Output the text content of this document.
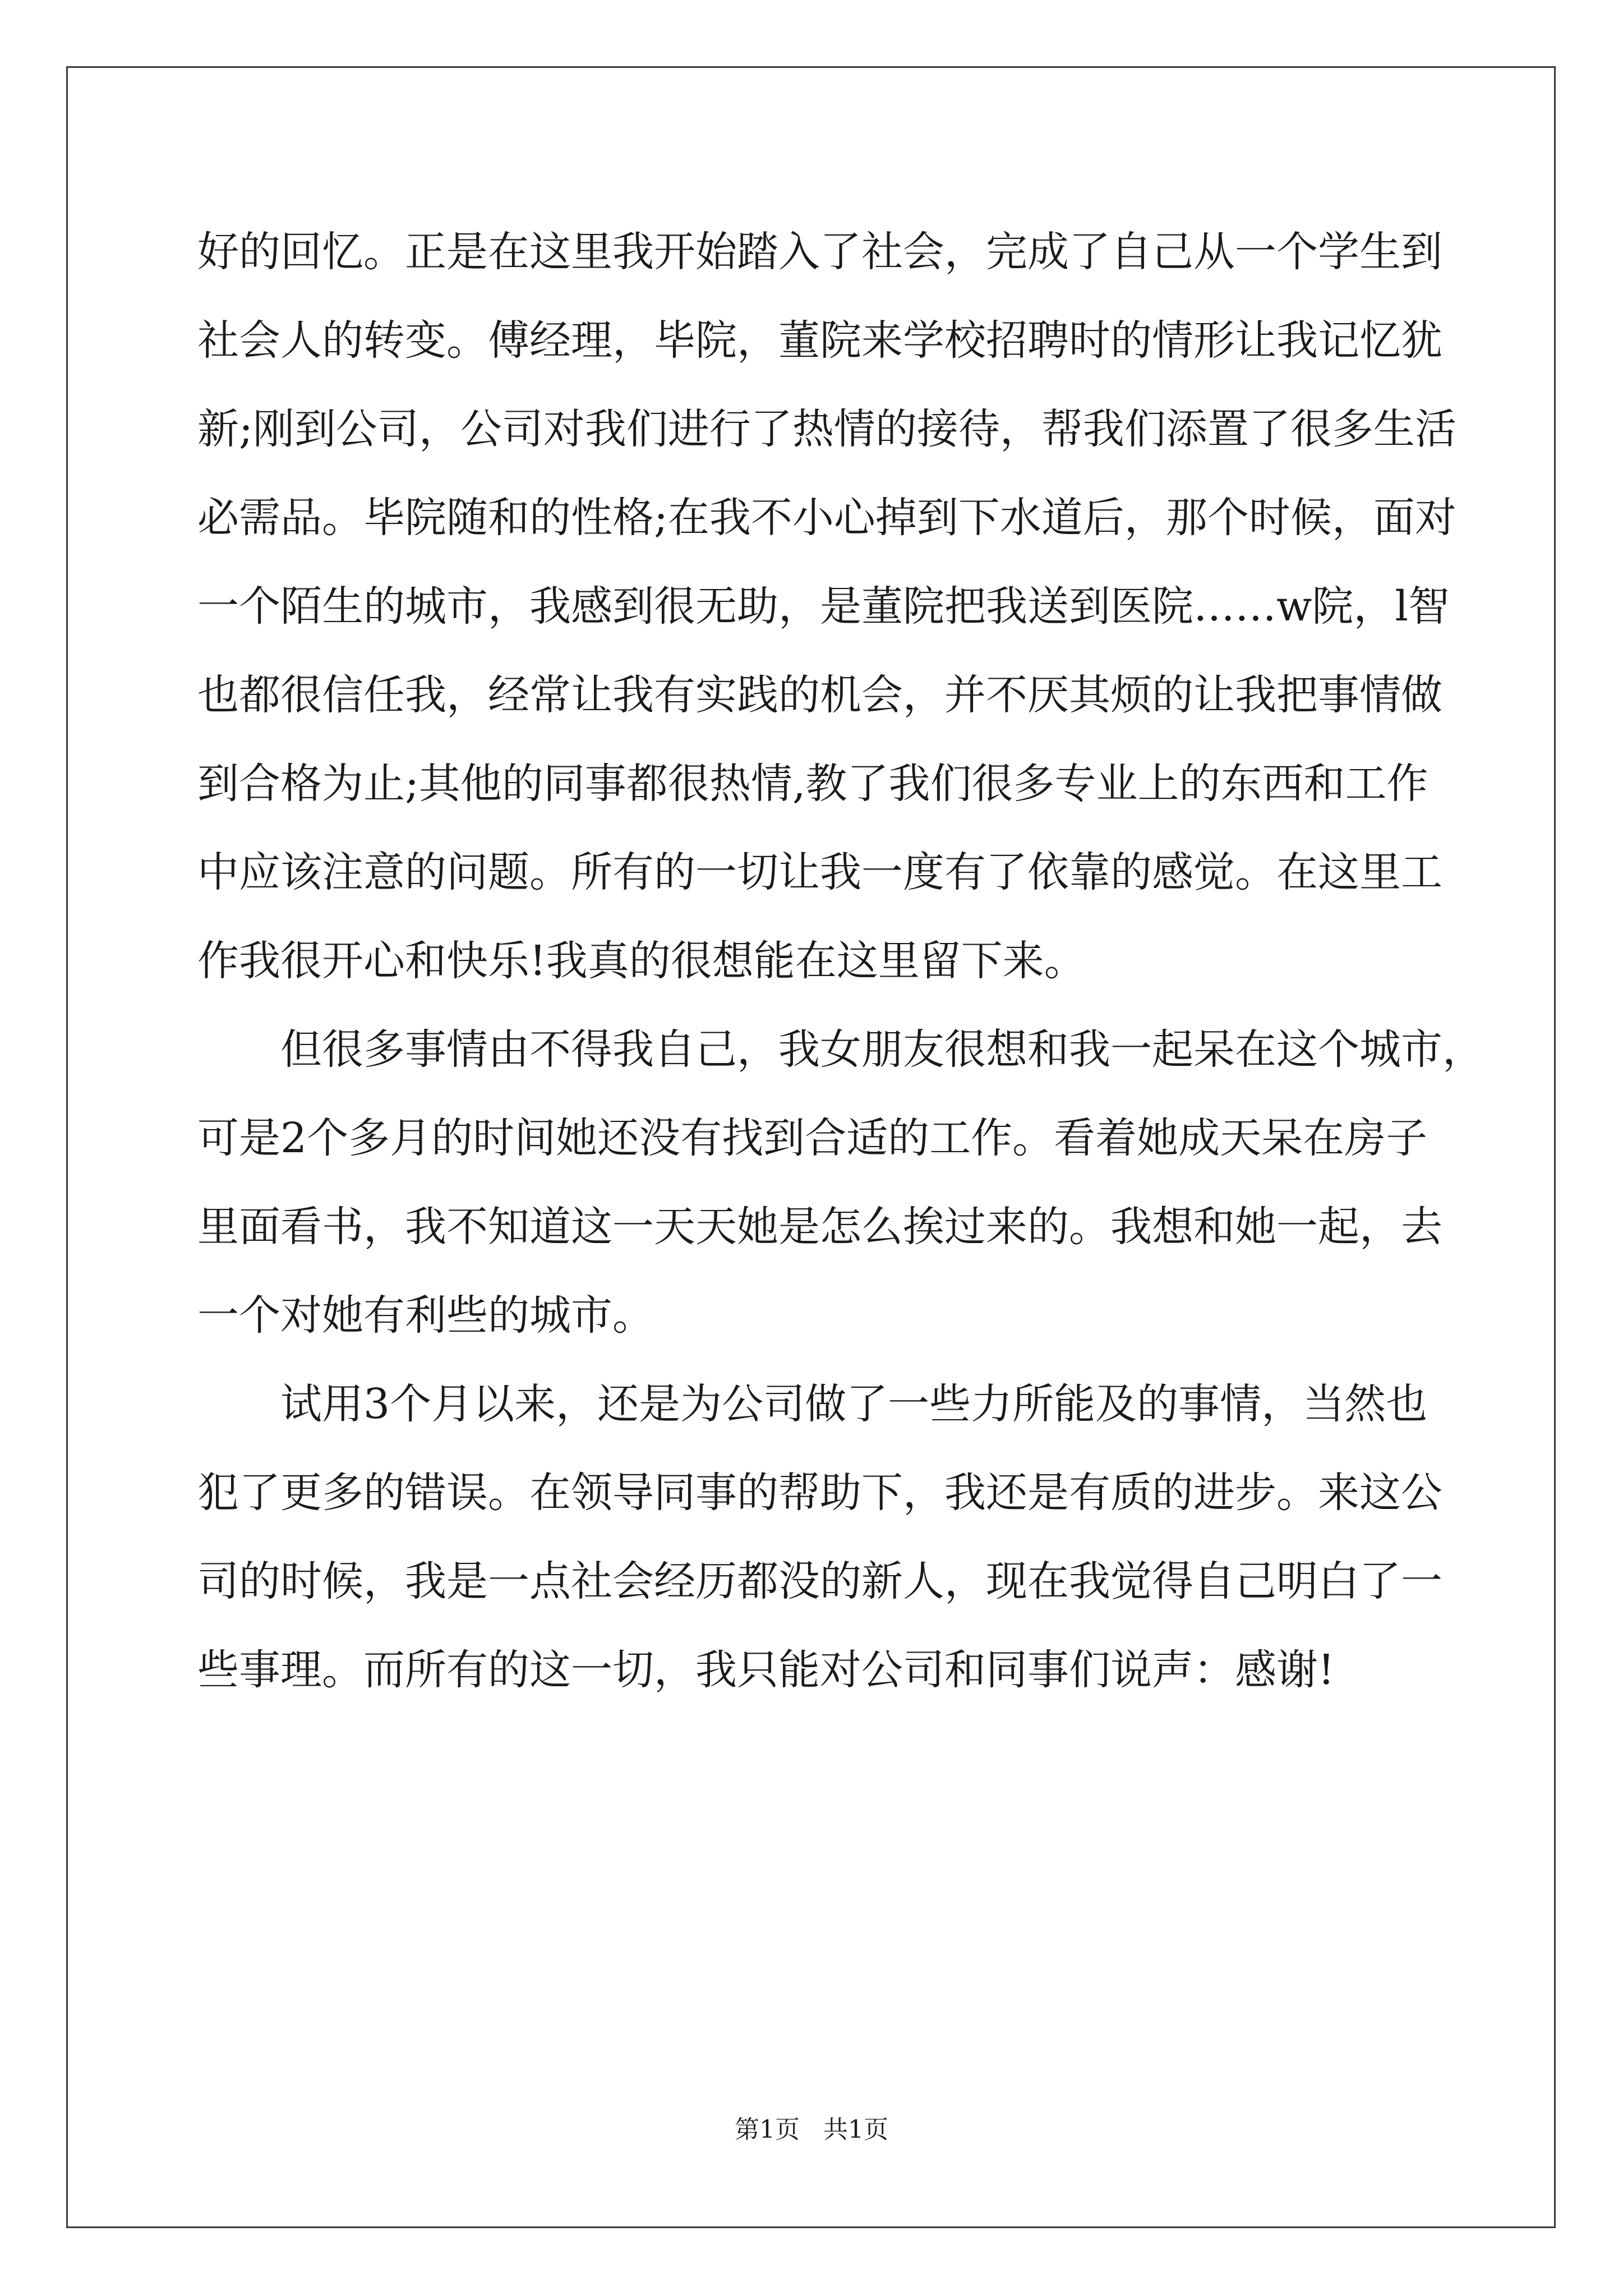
好的回忆。正是在这里我开始踏入了社会，完成了自己从一个学生到
社会人的转变。傅经理，毕院，董院来学校招聘时的情形让我记忆犹
新;刚到公司，公司对我们进行了热情的接待，帮我们添置了很多生活
必需品。毕院随和的性格;在我不小心掉到下水道后，那个时候，面对
一个陌生的城市，我感到很无助，是董院把我送到医院……w院，l智
也都很信任我，经常让我有实践的机会，并不厌其烦的让我把事情做
到合格为止;其他的同事都很热情,教了我们很多专业上的东西和工作
中应该注意的问题。所有的一切让我一度有了依靠的感觉。在这里工
作我很开心和快乐!我真的很想能在这里留下来。
但很多事情由不得我自己，我女朋友很想和我一起呆在这个城市，
可是2个多月的时间她还没有找到合适的工作。看着她成天呆在房子
里面看书，我不知道这一天天她是怎么挨过来的。我想和她一起，去
一个对她有利些的城市。
试用3个月以来，还是为公司做了一些力所能及的事情，当然也
犯了更多的错误。在领导同事的帮助下，我还是有质的进步。来这公
司的时候，我是一点社会经历都没的新人，现在我觉得自己明白了一
些事理。而所有的这一切，我只能对公司和同事们说声：感谢!
第1页   共1页
